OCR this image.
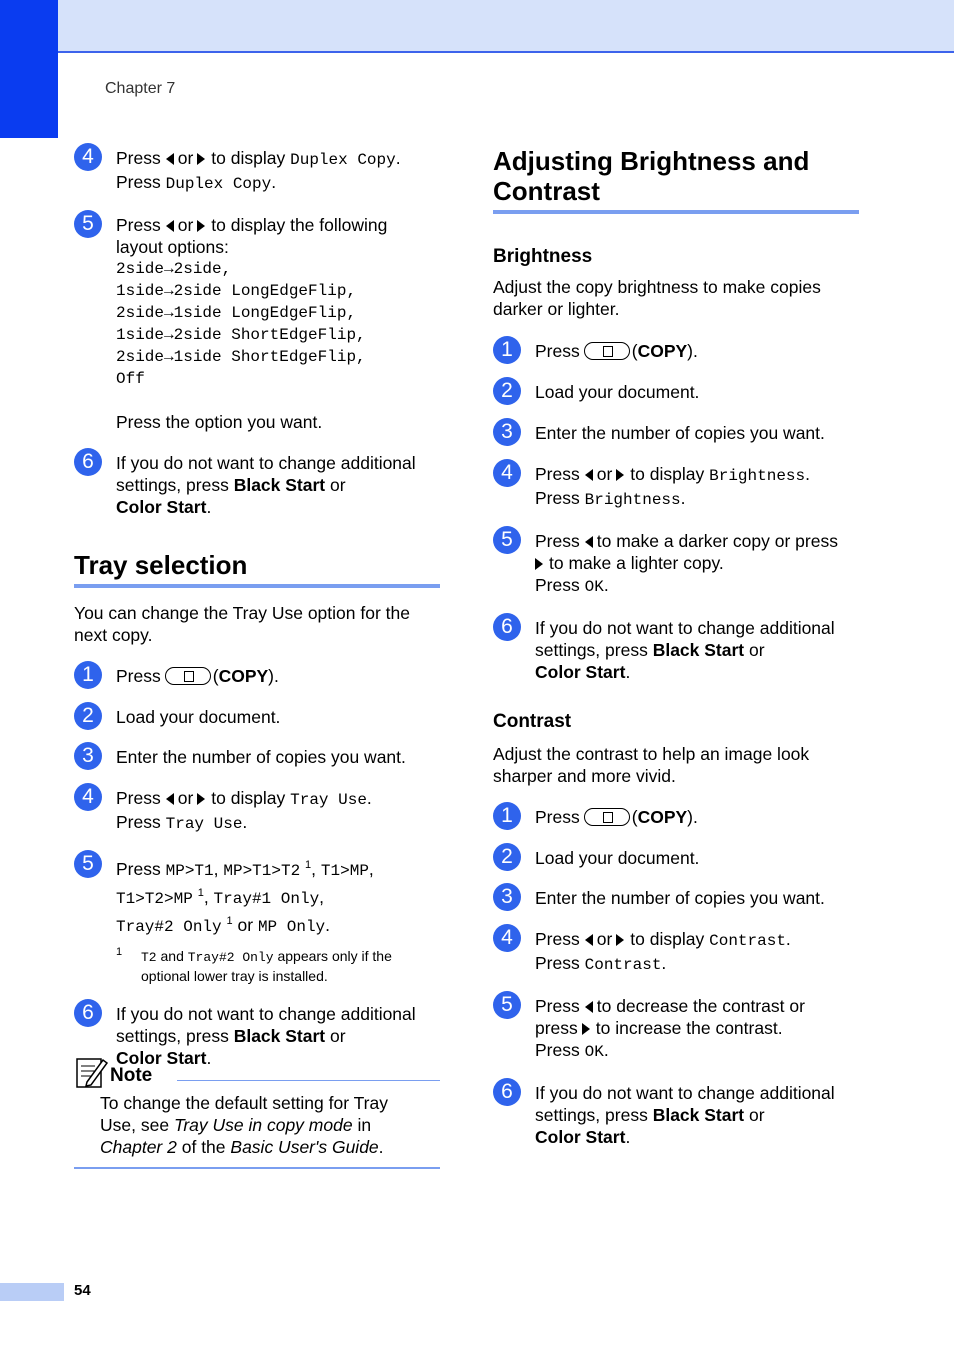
Chapter 7
4	Press or to display Duplex Copy.
Press Duplex Copy.
5	Press or to display the following
layout options:
2side→2side,
1side→2side LongEdgeFlip,
2side→1side LongEdgeFlip,
1side→2side ShortEdgeFlip,
2side→1side ShortEdgeFlip,
Off
Press the option you want.
6	If you do not want to change additional
settings, press Black Start or
Color Start.
Tray selection
You can change the Tray Use option for the next copy.
1	Press	(COPY).
2	Load your document.
3	Enter the number of copies you want.
4	Press or to display Tray Use.
Press Tray Use.
5	Press MP>T1, MP>T1>T2 $^1$, T1>MP,
T1>T2>MP $^1$, Tray#1 Only,
Tray#2 Only $^1$ or MP Only.
1 T2 and Tray#2 Only appears only if the optional lower tray is installed.
6	If you do not want to change additional
settings, press Black Start or
Color Start.
Note
To change the default setting for Tray
Use, see Tray Use in copy mode in
Chapter 2 of the Basic User's Guide.
Adjusting Brightness and
Contrast
Brightness
Adjust the copy brightness to make copies darker or lighter.
1	Press	(COPY).
2	Load your document.
3	Enter the number of copies you want.
4	Press or to display Brightness.
Press Brightness.
5	Press to make a darker copy or press
to make a lighter copy.
Press OK.
6	If you do not want to change additional
settings, press Black Start or
Color Start.
Contrast
Adjust the contrast to help an image look sharper and more vivid.
1	Press	(COPY).
2	Load your document.
3	Enter the number of copies you want.
4	Press or to display Contrast.
Press Contrast.
5	Press to decrease the contrast or
press to increase the contrast.
Press OK.
6	If you do not want to change additional
settings, press Black Start or
Color Start.
54
